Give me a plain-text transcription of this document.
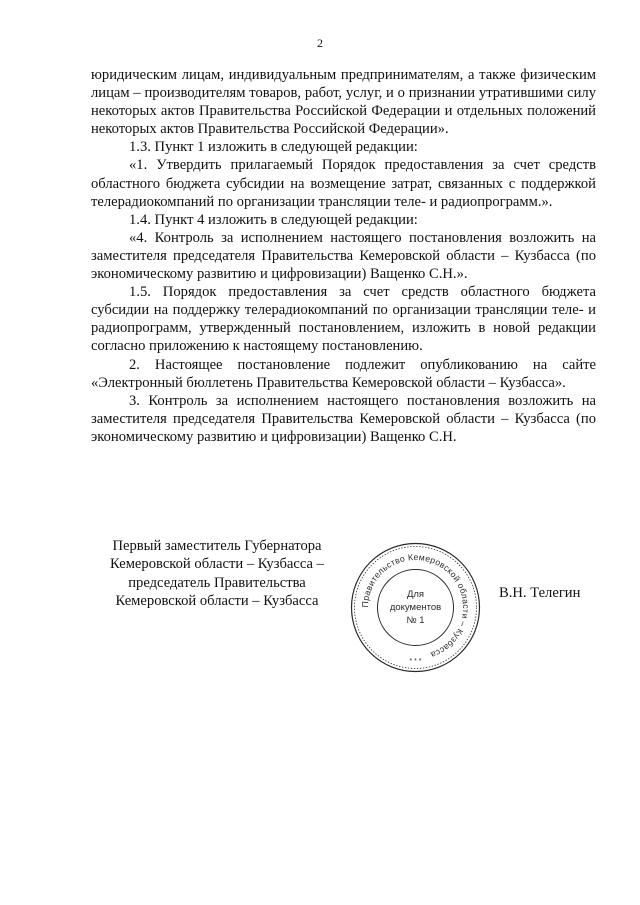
2

юридическим лицам, индивидуальным предпринимателям, а также физическим лицам – производителям товаров, работ, услуг, и о признании утратившими силу некоторых актов Правительства Российской Федерации и отдельных положений некоторых актов Правительства Российской Федерации».

1.3. Пункт 1 изложить в следующей редакции:

«1. Утвердить прилагаемый Порядок предоставления за счет средств областного бюджета субсидии на возмещение затрат, связанных с поддержкой телерадиокомпаний по организации трансляции теле- и радиопрограмм.».

1.4. Пункт 4 изложить в следующей редакции:

«4. Контроль за исполнением настоящего постановления возложить на заместителя председателя Правительства Кемеровской области – Кузбасса (по экономическому развитию и цифровизации) Ващенко С.Н.».

1.5. Порядок предоставления за счет средств областного бюджета субсидии на поддержку телерадиокомпаний по организации трансляции теле- и радиопрограмм, утвержденный постановлением, изложить в новой редакции согласно приложению к настоящему постановлению.

2. Настоящее постановление подлежит опубликованию на сайте «Электронный бюллетень Правительства Кемеровской области – Кузбасса».

3. Контроль за исполнением настоящего постановления возложить на заместителя председателя Правительства Кемеровской области – Кузбасса (по экономическому развитию и цифровизации) Ващенко С.Н.

Первый заместитель Губернатора
Кемеровской области – Кузбасса –
председатель Правительства
Кемеровской области – Кузбасса	Правительство Кемеровской области – Кузбасса
* * *
Для
документов
№ 1
В.Н. Телегин
